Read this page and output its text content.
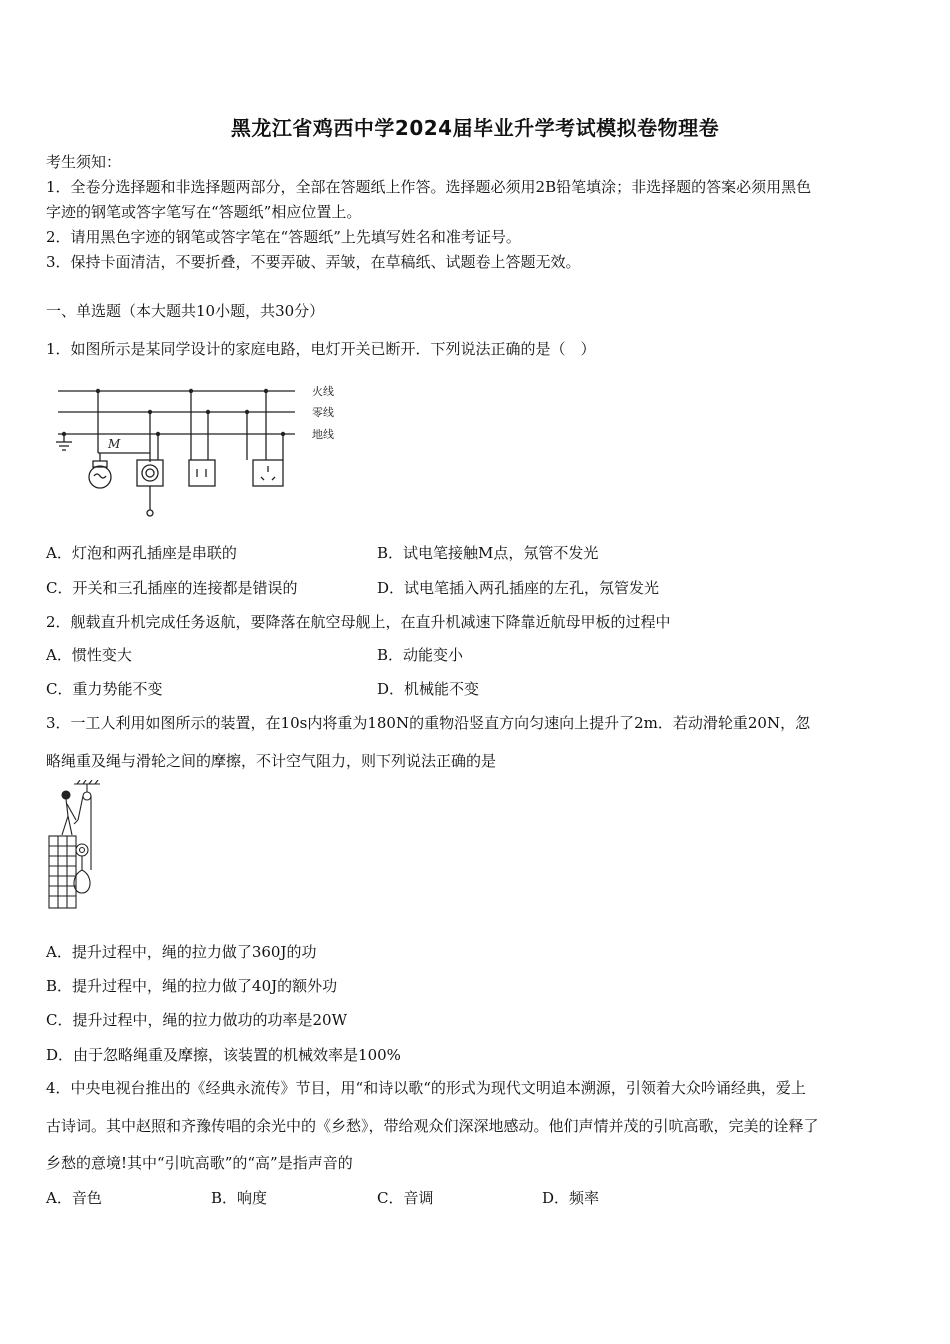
黑龙江省鸡西中学2024届毕业升学考试模拟卷物理卷
考生须知：
1．全卷分选择题和非选择题两部分，全部在答题纸上作答。选择题必须用2B铅笔填涂；非选择题的答案必须用黑色
字迹的钢笔或答字笔写在“答题纸”相应位置上。
2．请用黑色字迹的钢笔或答字笔在“答题纸”上先填写姓名和准考证号。
3．保持卡面清洁，不要折叠，不要弄破、弄皱，在草稿纸、试题卷上答题无效。
一、单选题（本大题共10小题，共30分）
1．如图所示是某同学设计的家庭电路，电灯开关已断开．下列说法正确的是（　）
火线
零线
地线
M
A．灯泡和两孔插座是串联的	B．试电笔接触M点，氖管不发光
C．开关和三孔插座的连接都是错误的	D．试电笔插入两孔插座的左孔，氖管发光
2．舰载直升机完成任务返航，要降落在航空母舰上，在直升机减速下降靠近航母甲板的过程中
A．惯性变大	B．动能变小
C．重力势能不变	D．机械能不变
3．一工人利用如图所示的装置，在10s内将重为180N的重物沿竖直方向匀速向上提升了2m．若动滑轮重20N，忽
略绳重及绳与滑轮之间的摩擦，不计空气阻力，则下列说法正确的是
A．提升过程中，绳的拉力做了360J的功
B．提升过程中，绳的拉力做了40J的额外功
C．提升过程中，绳的拉力做功的功率是20W
D．由于忽略绳重及摩擦，该装置的机械效率是100%
4．中央电视台推出的《经典永流传》节目，用“和诗以歌“的形式为现代文明追本溯源，引领着大众吟诵经典，爱上
古诗词。其中赵照和齐豫传唱的余光中的《乡愁》，带给观众们深深地感动。他们声情并茂的引吭高歌，完美的诠释了
乡愁的意境!其中“引吭高歌”的“高”是指声音的
A．音色	B．响度	C．音调	D．频率
